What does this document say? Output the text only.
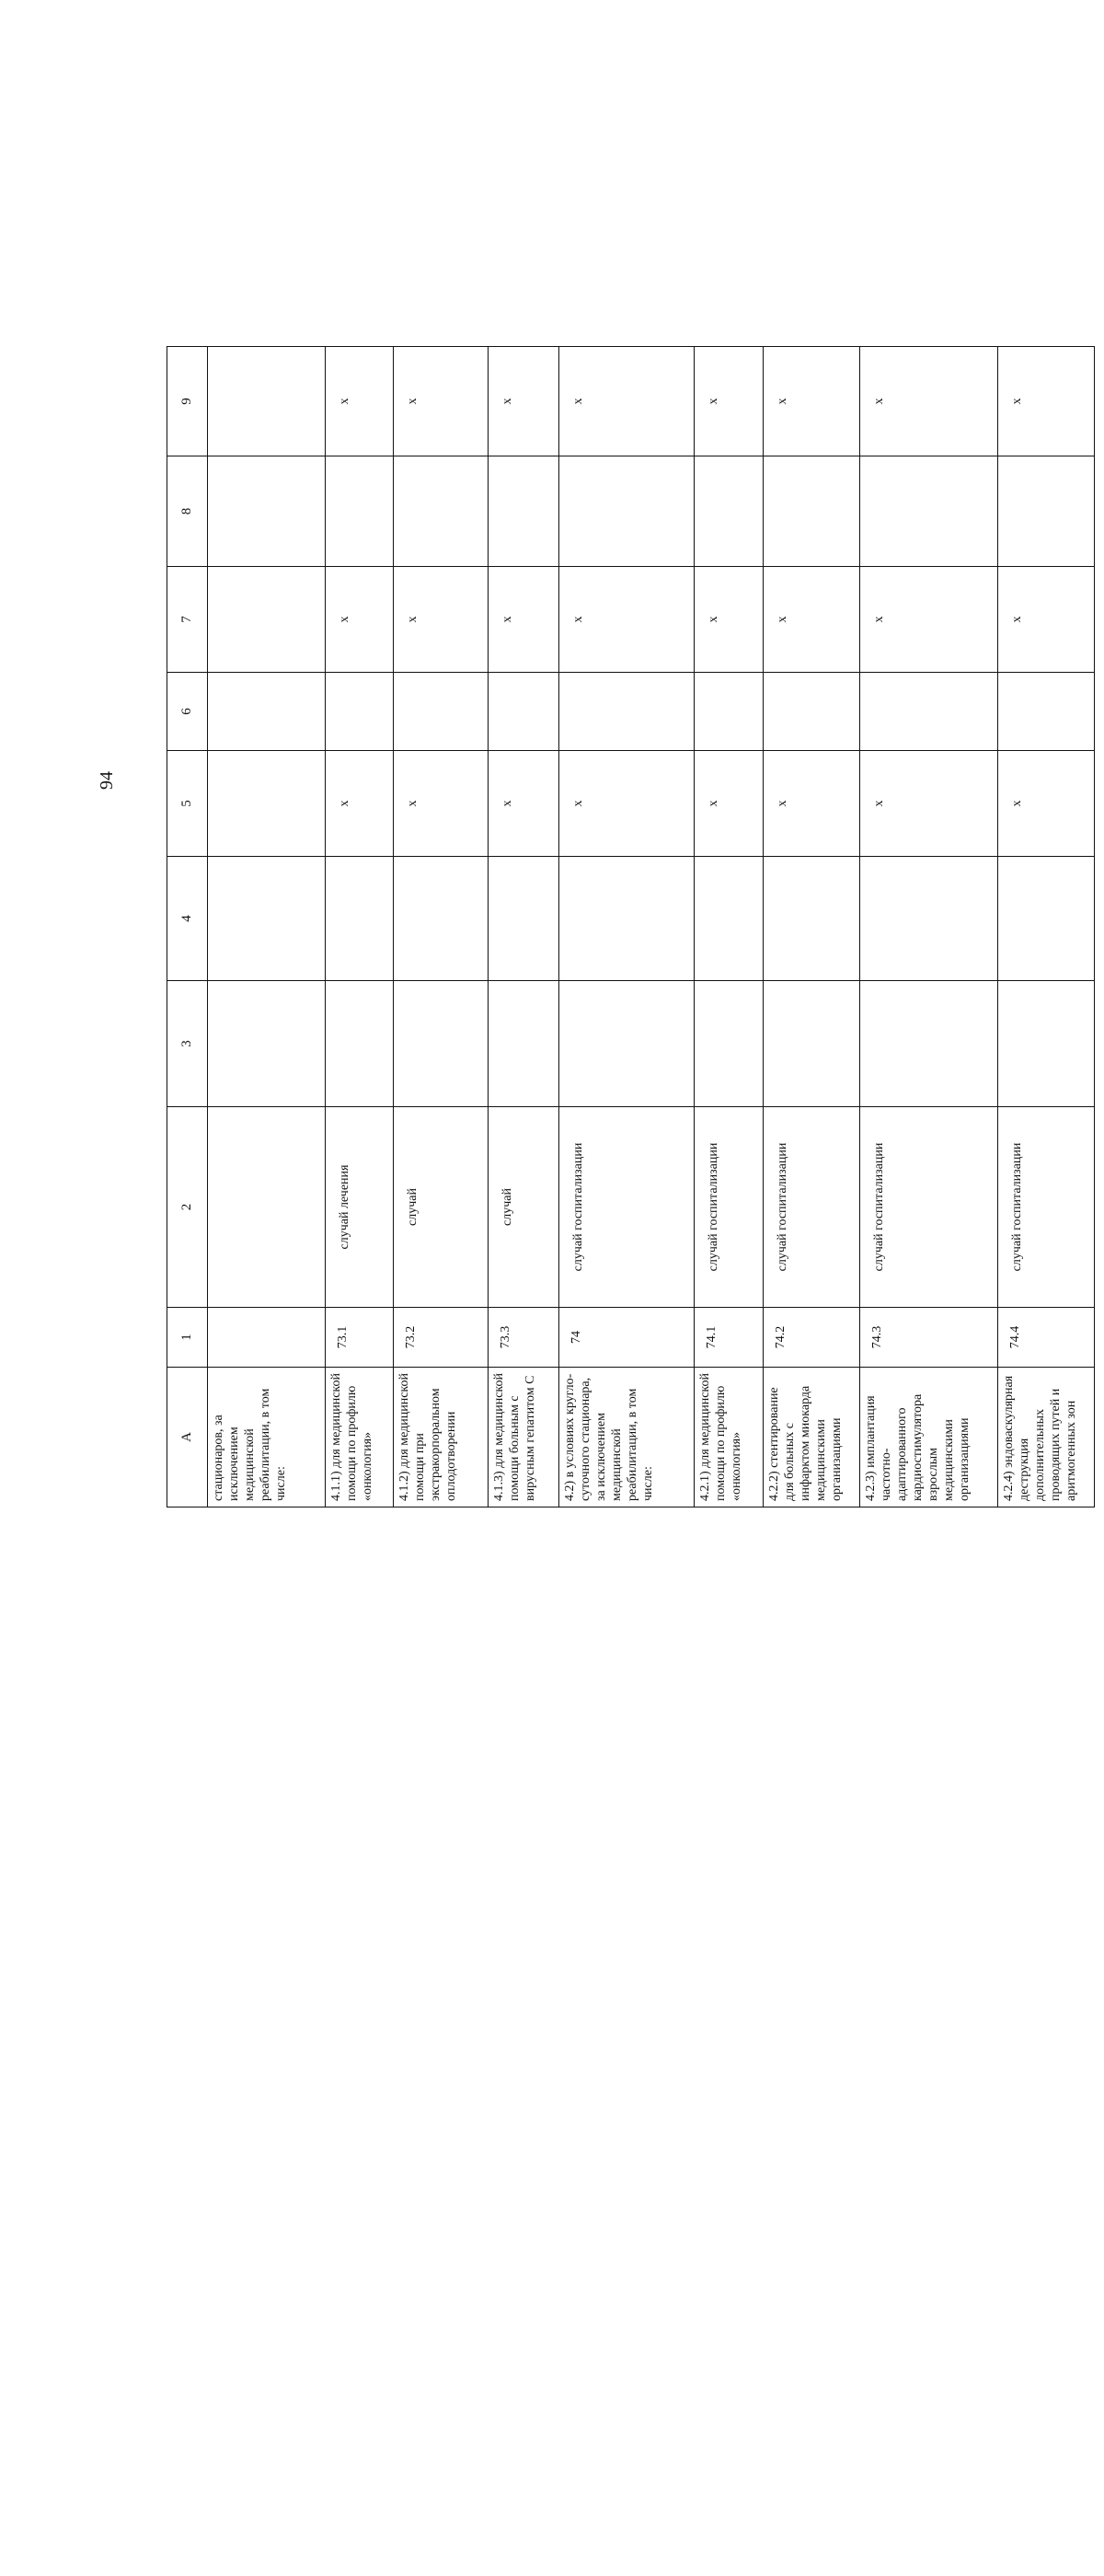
94
A	1	2	3	4	5	6	7	8	9
стационаров, за исключением медицинской реабилитации, в том числе:									
4.1.1) для медицинской помощи по профилю «онкология»	73.1	случай лечения			х		х		х
4.1.2) для медицинской помощи при экстракорпоральном оплодотворении	73.2	случай			х		х		х
4.1.3) для медицинской помощи больным с вирусным гепатитом С	73.3	случай			х		х		х
4.2) в условиях кругло-суточного стационара, за исключением медицинской реабилитации, в том числе:	74	случай госпитализации			х		х		х
4.2.1) для медицинской помощи по профилю «онкология»	74.1	случай госпитализации			х		х		х
4.2.2) стентирование для больных с инфарктом миокарда медицинскими организациями	74.2	случай госпитализации			х		х		х
4.2.3) имплантация частотно-адаптированного кардиостимулятора взрослым медицинскими организациями	74.3	случай госпитализации			х		х		х
4.2.4) эндоваскулярная деструкция дополнительных проводящих путей и аритмогенных зон	74.4	случай госпитализации			х		х		х
